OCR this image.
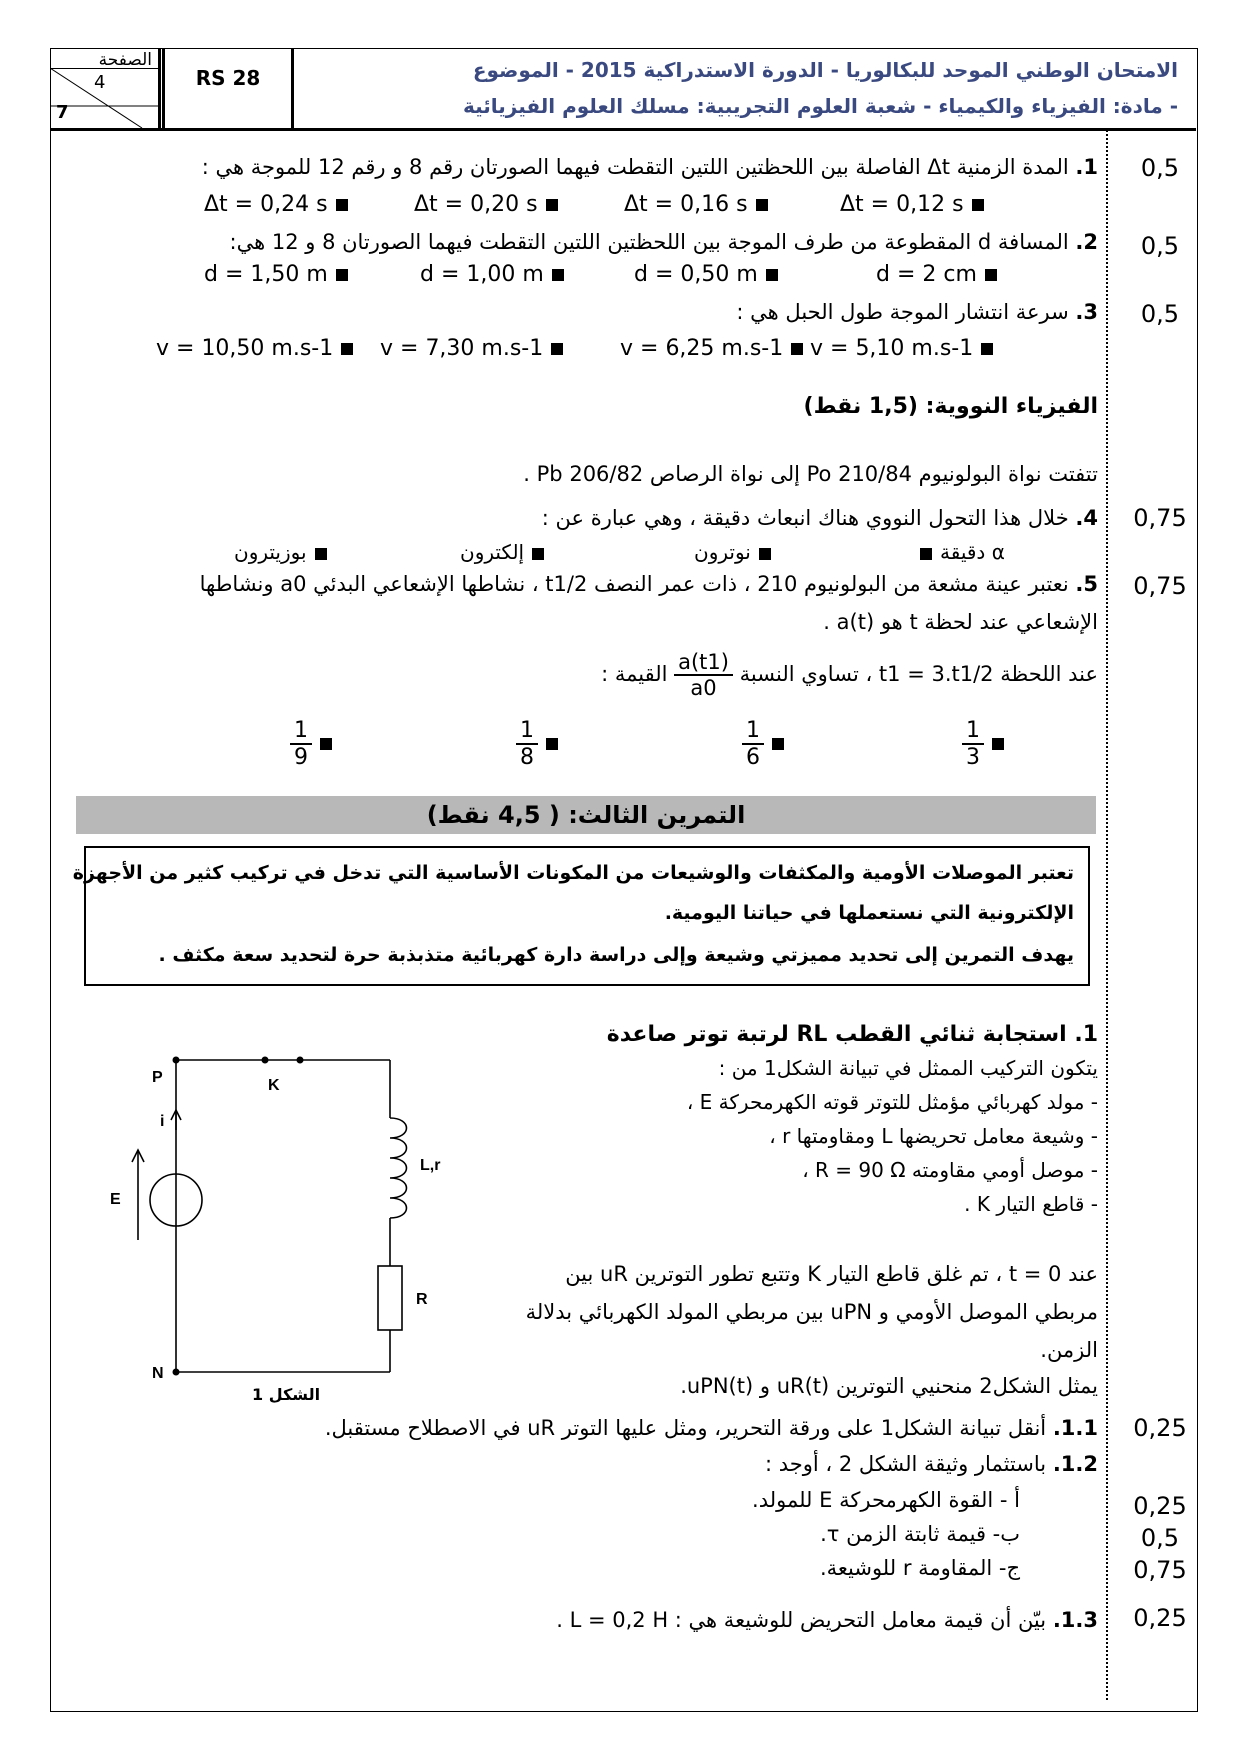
الصفحة
4
7
RS 28	الامتحان الوطني الموحد للبكالوريا - الدورة الاستدراكية 2015 - الموضوع
- مادة: الفيزياء والكيمياء - شعبة العلوم التجريبية: مسلك العلوم الفيزيائية
1. المدة الزمنية Δt الفاصلة بين اللحظتين اللتين التقطت فيهما الصورتان رقم 8 و رقم 12 للموجة هي :	0,5
Δt = 0,24 s	Δt = 0,20 s	Δt = 0,16 s	Δt = 0,12 s
2. المسافة d المقطوعة من طرف الموجة بين اللحظتين اللتين التقطت فيهما الصورتان 8 و 12 هي:	0,5
d = 1,50 m	d = 1,00 m	d = 0,50 m	d = 2 cm
3. سرعة انتشار الموجة طول الحبل هي :	0,5
v = 10,50 m.s-1	v = 7,30 m.s-1	v = 6,25 m.s-1	v = 5,10 m.s-1
الفيزياء النووية: (1,5 نقط)
تتفتت نواة البولونيوم 210/84 Po إلى نواة الرصاص 206/82 Pb .
4. خلال هذا التحول النووي هناك انبعاث دقيقة ، وهي عبارة عن :	0,75
بوزيترون	إلكترون	نوترون	دقيقة α
5. نعتبر عينة مشعة من البولونيوم 210 ، ذات عمر النصف t1/2 ، نشاطها الإشعاعي البدئي a0 ونشاطها	0,75
الإشعاعي عند لحظة t هو a(t) .
عند اللحظة t1 = 3.t1/2 ، تساوي النسبة
$\frac{a(t1)}{a0}$
القيمة :
$\frac{1}{9}$	$\frac{1}{8}$	$\frac{1}{6}$	$\frac{1}{3}$
التمرين الثالث: ( 4,5 نقط)
تعتبر الموصلات الأومية والمكثفات والوشيعات من المكونات الأساسية التي تدخل في تركيب كثير من الأجهزة
الإلكترونية التي نستعملها في حياتنا اليومية.
يهدف التمرين إلى تحديد مميزتي وشيعة وإلى دراسة دارة كهربائية متذبذبة حرة لتحديد سعة مكثف .
1. استجابة ثنائي القطب RL لرتبة توتر صاعدة
يتكون التركيب الممثل في تبيانة الشكل1 من :
- مولد كهربائي مؤمثل للتوتر قوته الكهرمحركة E ،
- وشيعة معامل تحريضها L ومقاومتها r ،
- موصل أومي مقاومته R = 90 Ω ،
- قاطع التيار K .
عند t = 0 ، تم غلق قاطع التيار K وتتبع تطور التوترين uR بين
مربطي الموصل الأومي و uPN بين مربطي المولد الكهربائي بدلالة
الزمن.
يمثل الشكل2 منحنيي التوترين uR(t) و uPN(t).
1.1. أنقل تبيانة الشكل1 على ورقة التحرير، ومثل عليها التوتر uR في الاصطلاح مستقبل.	0,25
1.2. باستثمار وثيقة الشكل 2 ، أوجد :
أ - القوة الكهرمحركة E للمولد.	0,25
ب- قيمة ثابتة الزمن τ.	0,5
ج- المقاومة r للوشيعة.	0,75
1.3. بيّن أن قيمة معامل التحريض للوشيعة هي : L = 0,2 H .	0,25
P	K
i
E
L,r
R
N
الشكل 1
